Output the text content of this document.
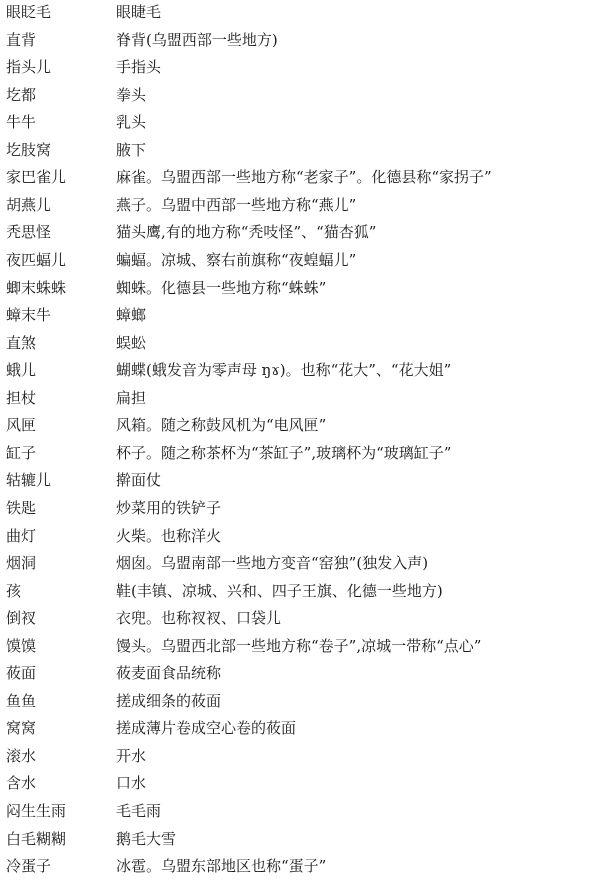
眼眨毛	眼睫毛
直背	脊背(乌盟西部一些地方)
指头儿	手指头
圪都	拳头
牛牛	乳头
圪肢窝	腋下
家巴雀儿	麻雀。乌盟西部一些地方称“老家子”。化德县称“家拐子”
胡燕儿	燕子。乌盟中西部一些地方称“燕儿”
秃思怪	猫头鹰,有的地方称“秃吱怪”、“猫杏狐”
夜匹蝠儿	蝙蝠。凉城、察右前旗称“夜蝗蝠儿”
蝍末蛛蛛	蜘蛛。化德县一些地方称“蛛蛛”
蟑末牛	蟑螂
直煞	蜈蚣
蛾儿	蝴蝶(蛾发音为零声母 ŋɤ)。也称“花大”、“花大姐”
担杖	扁担
风匣	风箱。随之称鼓风机为“电风匣”
缸子	杯子。随之称茶杯为“茶缸子”,玻璃杯为“玻璃缸子”
轱辘儿	擀面仗
铁匙	炒菜用的铁铲子
曲灯	火柴。也称洋火
烟洞	烟囱。乌盟南部一些地方变音“窑独”(独发入声)
孩	鞋(丰镇、凉城、兴和、四子王旗、化德一些地方)
倒衩	衣兜。也称衩衩、口袋儿
馍馍	馒头。乌盟西北部一些地方称“卷子”,凉城一带称“点心”
莜面	莜麦面食品统称
鱼鱼	搓成细条的莜面
窝窝	搓成薄片卷成空心卷的莜面
滚水	开水
含水	口水
闷生生雨	毛毛雨
白毛糊糊	鹅毛大雪
冷蛋子	冰雹。乌盟东部地区也称“蛋子”
